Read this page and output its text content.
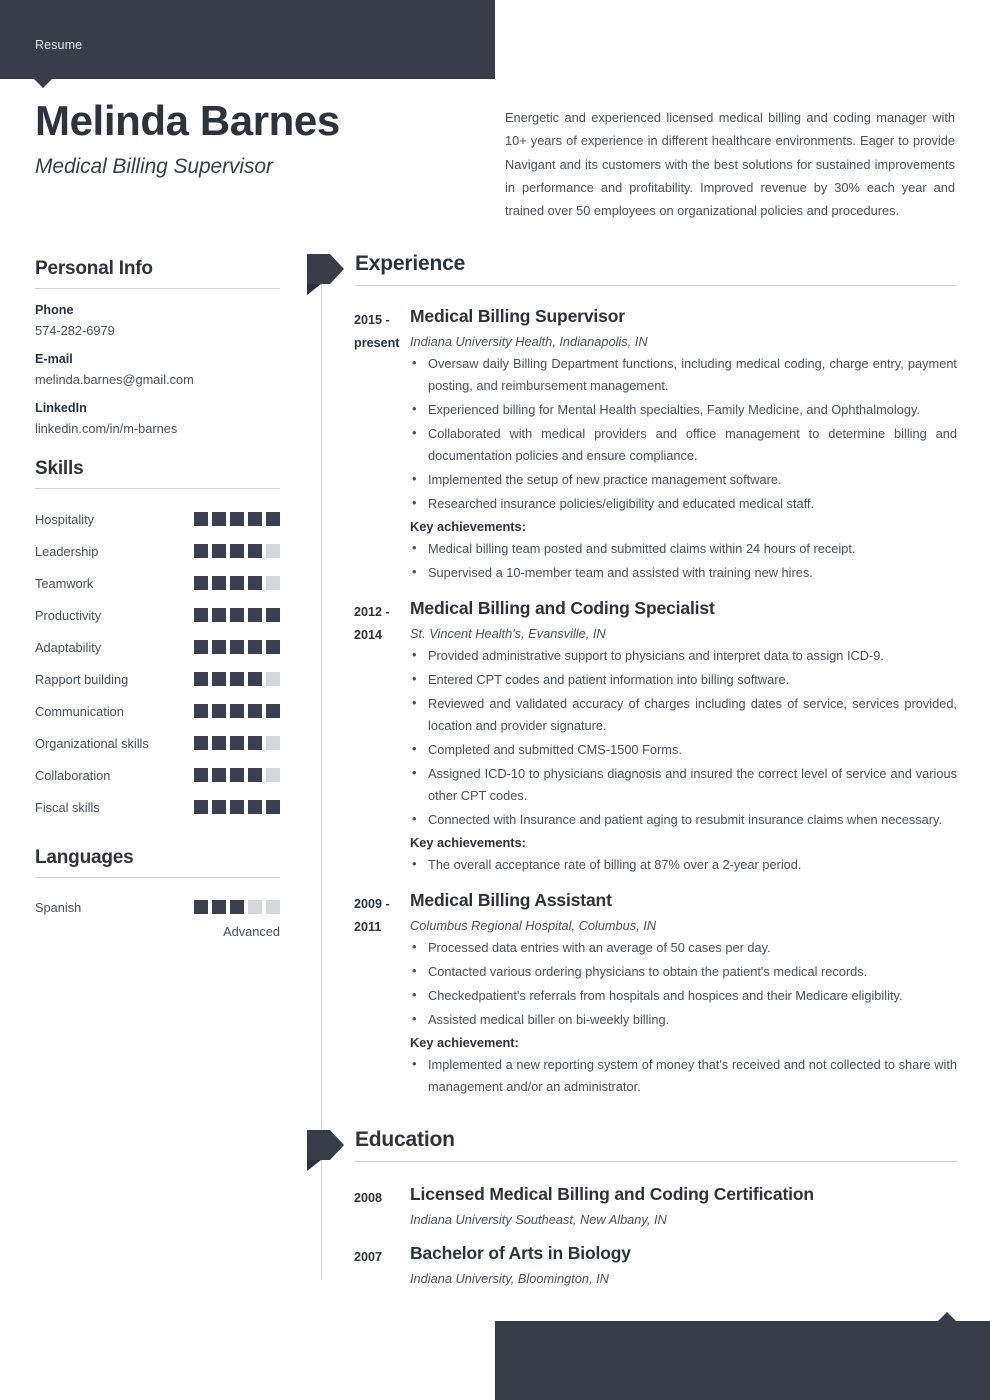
Resume
Melinda Barnes
Medical Billing Supervisor
Energetic and experienced licensed medical billing and coding manager with 10+ years of experience in different healthcare environments. Eager to provide Navigant and its customers with the best solutions for sustained improvements in performance and profitability. Improved revenue by 30% each year and trained over 50 employees on organizational policies and procedures.
Personal Info
Phone
574-282-6979
E-mail
melinda.barnes@gmail.com
LinkedIn
linkedin.com/in/m-barnes
Skills
Hospitality
Leadership
Teamwork
Productivity
Adaptability
Rapport building
Communication
Organizational skills
Collaboration
Fiscal skills
Languages
Spanish
Advanced
Experience
2015 - present
Medical Billing Supervisor
Indiana University Health, Indianapolis, IN
• Oversaw daily Billing Department functions, including medical coding, charge entry, payment posting, and reimbursement management.
• Experienced billing for Mental Health specialties, Family Medicine, and Ophthalmology.
• Collaborated with medical providers and office management to determine billing and documentation policies and ensure compliance.
• Implemented the setup of new practice management software.
• Researched insurance policies/eligibility and educated medical staff.
Key achievements:
• Medical billing team posted and submitted claims within 24 hours of receipt.
• Supervised a 10-member team and assisted with training new hires.
2012 - 2014
Medical Billing and Coding Specialist
St. Vincent Health's, Evansville, IN
• Provided administrative support to physicians and interpret data to assign ICD-9.
• Entered CPT codes and patient information into billing software.
• Reviewed and validated accuracy of charges including dates of service, services provided, location and provider signature.
• Completed and submitted CMS-1500 Forms.
• Assigned ICD-10 to physicians diagnosis and insured the correct level of service and various other CPT codes.
• Connected with Insurance and patient aging to resubmit insurance claims when necessary.
Key achievements:
• The overall acceptance rate of billing at 87% over a 2-year period.
2009 - 2011
Medical Billing Assistant
Columbus Regional Hospital, Columbus, IN
• Processed data entries with an average of 50 cases per day.
• Contacted various ordering physicians to obtain the patient's medical records.
• Checkedpatient's referrals from hospitals and hospices and their Medicare eligibility.
• Assisted medical biller on bi-weekly billing.
Key achievement:
• Implemented a new reporting system of money that's received and not collected to share with management and/or an administrator.
Education
2008	Licensed Medical Billing and Coding Certification
Indiana University Southeast, New Albany, IN
2007	Bachelor of Arts in Biology
Indiana University, Bloomington, IN
